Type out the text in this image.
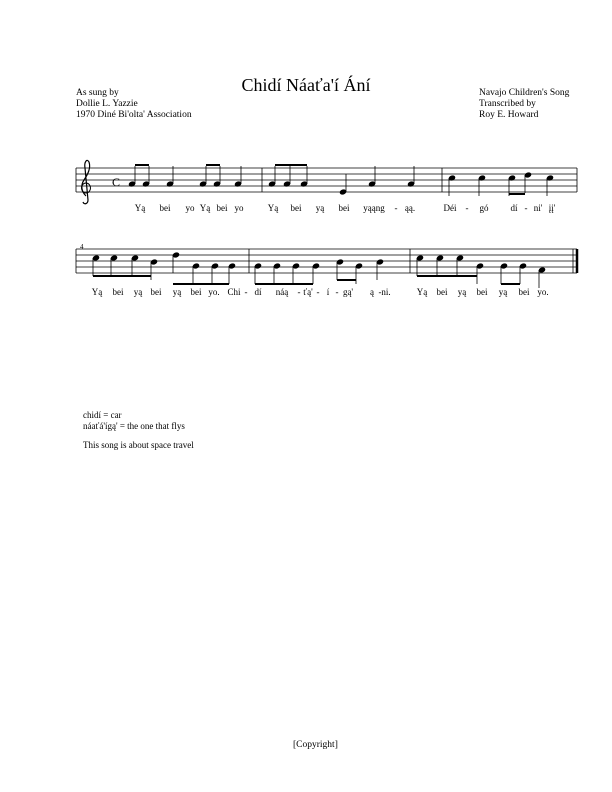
Chidí Náaťa'í Ání
As sung by
Dollie L. Yazzie
1970 Diné Bi'olta' Association
Navajo Children's Song
Transcribed by
Roy E. Howard
4
C
Yą bei yo Yą bei yo	Yą bei yą bei yąąng - ąą.	Déi - gó dí - ni' įį'
Yą bei yą bei yą bei yo. Chi - dí náą - ťą' - í - gą' ą - ni.	Yą bei yą bei yą bei yo.
chidí = car
náaťá'ígą' = the one that flys
This song is about space travel
[Copyright]
